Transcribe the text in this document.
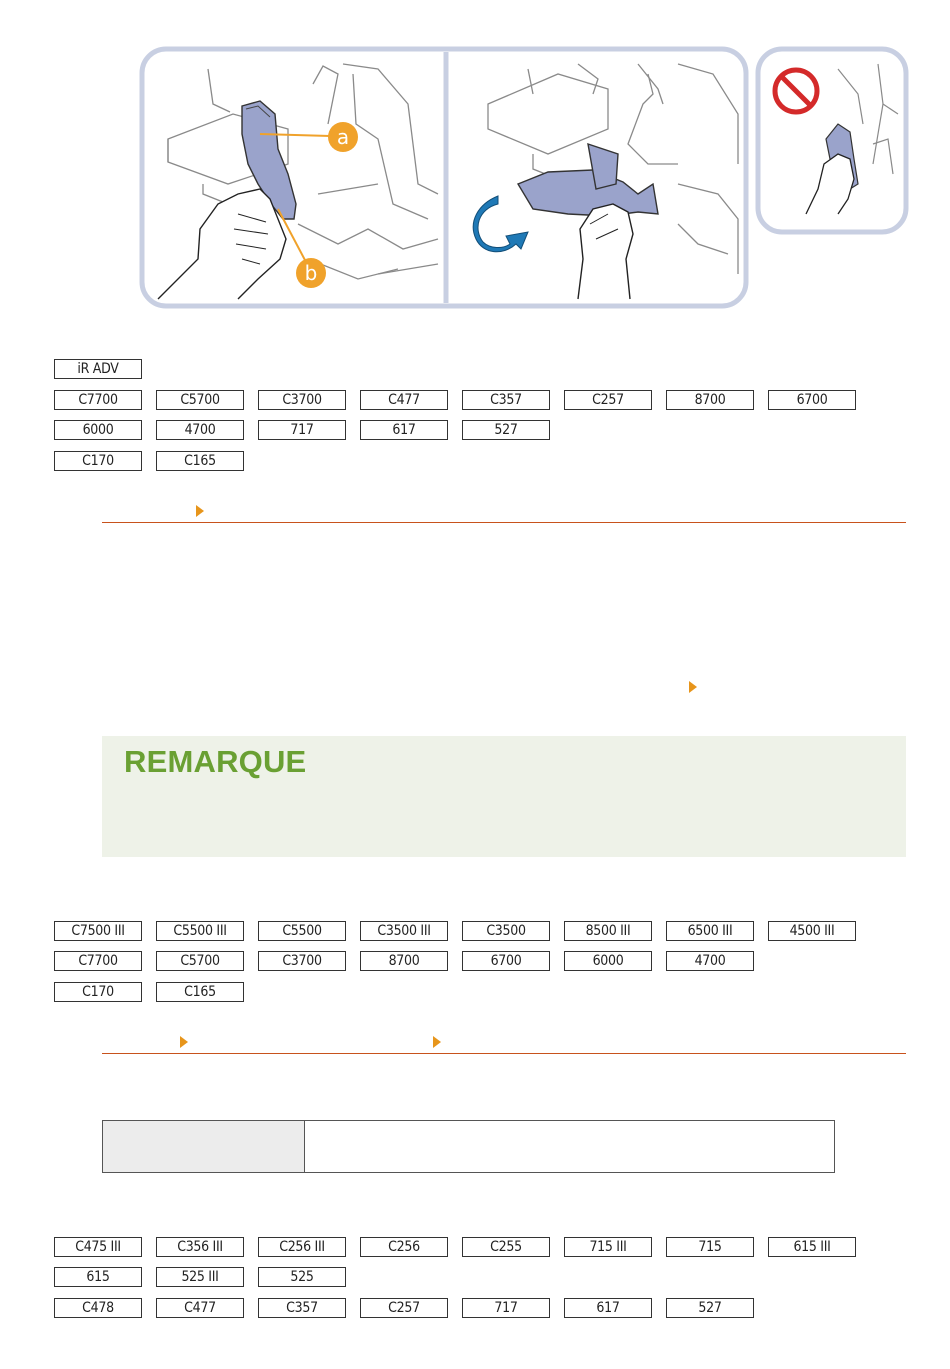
a
b
iR ADV
C7700	C5700	C3700	C477	C357	C257	8700	6700
6000	4700	717	617	527
C170	C165
REMARQUE
C7500 III	C5500 III	C5500	C3500 III	C3500	8500 III	6500 III	4500 III
C7700	C5700	C3700	8700	6700	6000	4700
C170	C165
C475 III	C356 III	C256 III	C256	C255	715 III	715	615 III
615	525 III	525
C478	C477	C357	C257	717	617	527
